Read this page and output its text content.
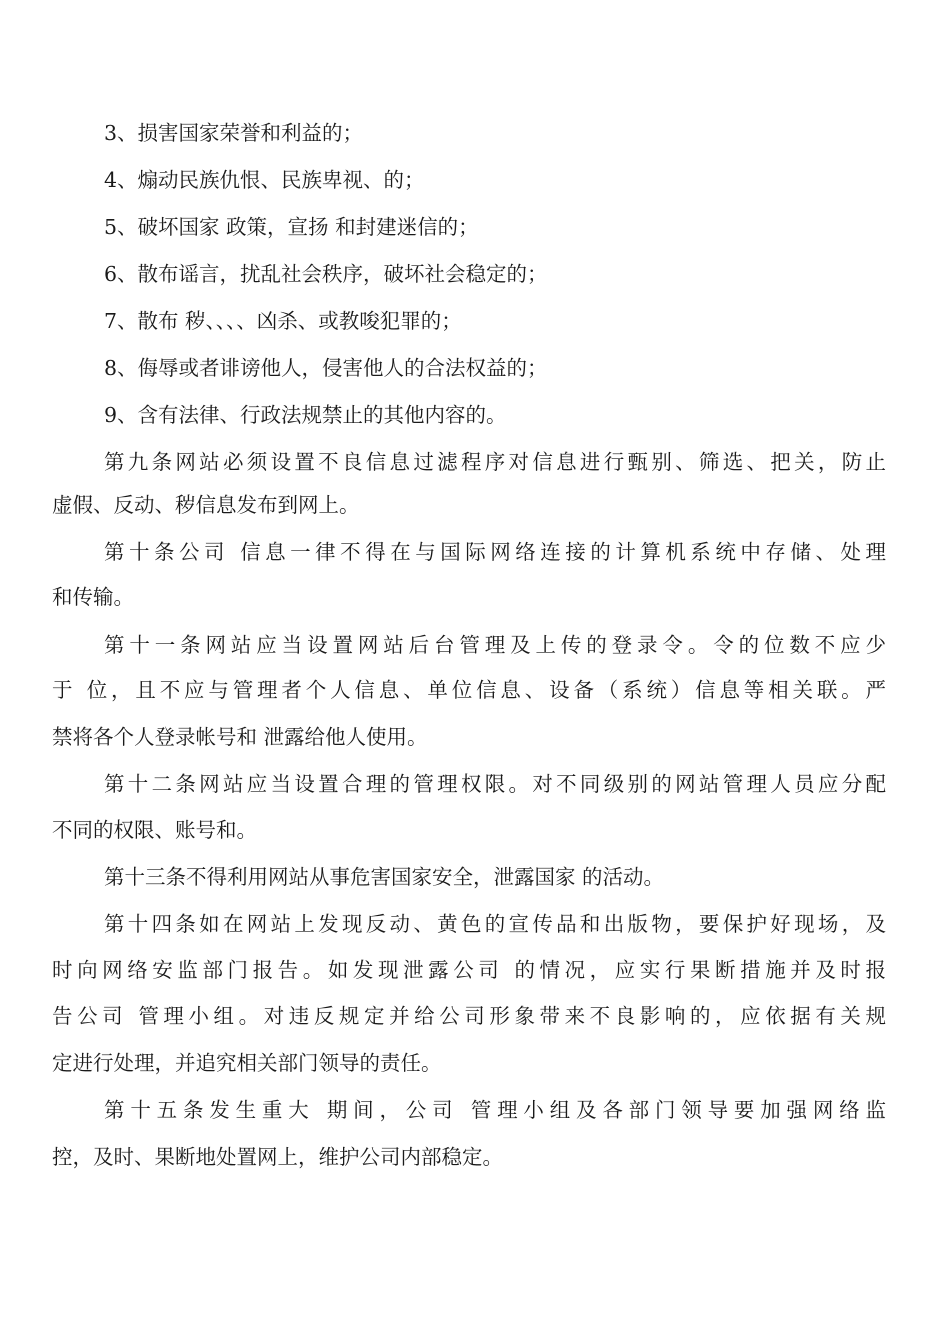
3、损害国家荣誉和利益的；
4、煽动民族仇恨、民族卑视、的；
5、破坏国家 政策，宣扬 和封建迷信的；
6、散布谣言，扰乱社会秩序，破坏社会稳定的；
7、散布 秽、、、、凶杀、或教唆犯罪的；
8、侮辱或者诽谤他人，侵害他人的合法权益的；
9、含有法律、行政法规禁止的其他内容的。
第九条网站必须设置不良信息过滤程序对信息进行甄别、筛选、把关，防止
虚假、反动、秽信息发布到网上。
第十条公司 信息一律不得在与国际网络连接的计算机系统中存储、处理
和传输。
第十一条网站应当设置网站后台管理及上传的登录令。令的位数不应少
于 位，且不应与管理者个人信息、单位信息、设备（系统）信息等相关联。严
禁将各个人登录帐号和 泄露给他人使用。
第十二条网站应当设置合理的管理权限。对不同级别的网站管理人员应分配
不同的权限、账号和。
第十三条不得利用网站从事危害国家安全，泄露国家 的活动。
第十四条如在网站上发现反动、黄色的宣传品和出版物，要保护好现场，及
时向网络安监部门报告。如发现泄露公司 的情况，应实行果断措施并及时报
告公司 管理小组。对违反规定并给公司形象带来不良影响的，应依据有关规
定进行处理，并追究相关部门领导的责任。
第十五条发生重大 期间，公司 管理小组及各部门领导要加强网络监
控，及时、果断地处置网上，维护公司内部稳定。
